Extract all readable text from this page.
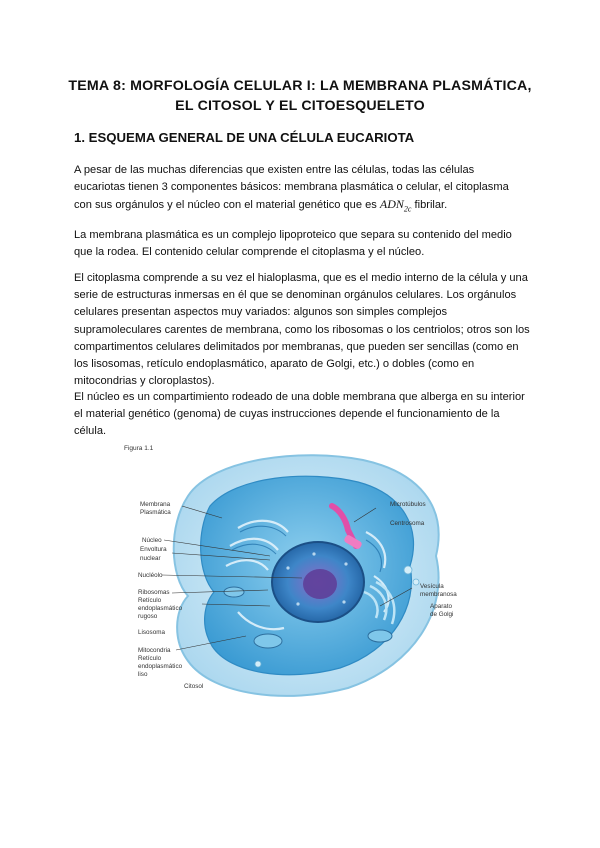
TEMA 8: MORFOLOGÍA CELULAR I: LA MEMBRANA PLASMÁTICA,
EL CITOSOL Y EL CITOESQUELETO
1. ESQUEMA GENERAL DE UNA CÉLULA EUCARIOTA

A pesar de las muchas diferencias que existen entre las células, todas las células
eucariotas tienen 3 componentes básicos: membrana plasmática o celular, el citoplasma
con sus orgánulos y el núcleo con el material genético que es $ADN_{2c}$ fibrilar.

La membrana plasmática es un complejo lipoproteico que separa su contenido del medio
que la rodea. El contenido celular comprende el citoplasma y el núcleo.

El citoplasma comprende a su vez el hialoplasma, que es el medio interno de la célula y una
serie de estructuras inmersas en él que se denominan orgánulos celulares. Los orgánulos
celulares presentan aspectos muy variados: algunos son simples complejos
supramoleculares carentes de membrana, como los ribosomas o los centriolos; otros son los
compartimentos celulares delimitados por membranas, que pueden ser sencillas (como en
los lisosomas, retículo endoplasmático, aparato de Golgi, etc.) o dobles (como en
mitocondrias y cloroplastos).

El núcleo es un compartimiento rodeado de una doble membrana que alberga en su interior
el material genético (genoma) de cuyas instrucciones depende el funcionamiento de la
célula.

Figura 1.1
Membrana
Plasmática
Núcleo
Envoltura
nuclear
Nucléolo
Ribosomas
Retículo
endoplasmático
rugoso
Lisosoma
Mitocondria
Retículo
endoplasmático
liso
Citosol
Microtúbulos
Centrosoma
Vesícula
membranosa
Aparato
de Golgi
